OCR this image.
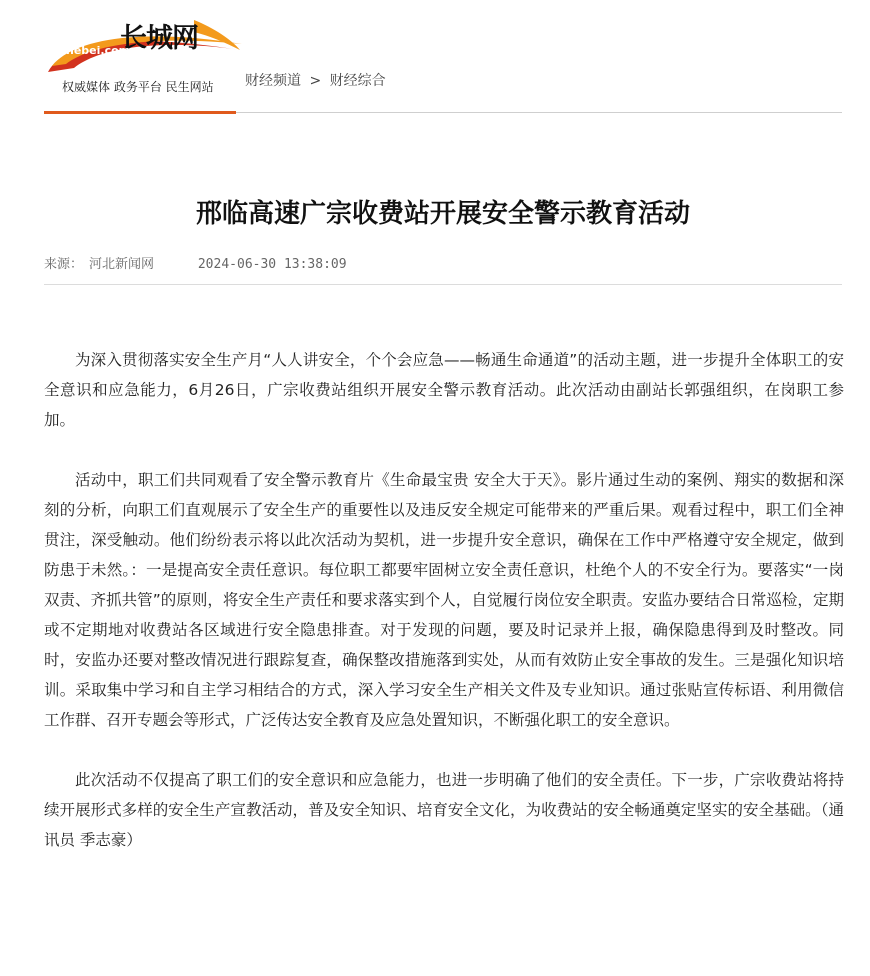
长城网
hebei.com.cn
权威媒体 政务平台 民生网站 财经频道 > 财经综合
邢临高速广宗收费站开展安全警示教育活动
来源： 河北新闻网	2024-06-30 13:38:09

为深入贯彻落实安全生产月“人人讲安全，个个会应急——畅通生命通道”的活动主题，进一步提升全体职工的安全意识和应急能力，6月26日，广宗收费站组织开展安全警示教育活动。此次活动由副站长郭强组织，在岗职工参加。

活动中，职工们共同观看了安全警示教育片《生命最宝贵 安全大于天》。影片通过生动的案例、翔实的数据和深刻的分析，向职工们直观展示了安全生产的重要性以及违反安全规定可能带来的严重后果。观看过程中，职工们全神贯注，深受触动。他们纷纷表示将以此次活动为契机，进一步提升安全意识，确保在工作中严格遵守安全规定，做到防患于未然。：一是提高安全责任意识。每位职工都要牢固树立安全责任意识，杜绝个人的不安全行为。要落实“一岗双责、齐抓共管”的原则，将安全生产责任和要求落实到个人，自觉履行岗位安全职责。安监办要结合日常巡检，定期或不定期地对收费站各区域进行安全隐患排查。对于发现的问题，要及时记录并上报，确保隐患得到及时整改。同时，安监办还要对整改情况进行跟踪复查，确保整改措施落到实处，从而有效防止安全事故的发生。三是强化知识培训。采取集中学习和自主学习相结合的方式，深入学习安全生产相关文件及专业知识。通过张贴宣传标语、利用微信工作群、召开专题会等形式，广泛传达安全教育及应急处置知识，不断强化职工的安全意识。

此次活动不仅提高了职工们的安全意识和应急能力，也进一步明确了他们的安全责任。下一步，广宗收费站将持续开展形式多样的安全生产宣教活动，普及安全知识、培育安全文化，为收费站的安全畅通奠定坚实的安全基础。（通讯员 季志豪）
